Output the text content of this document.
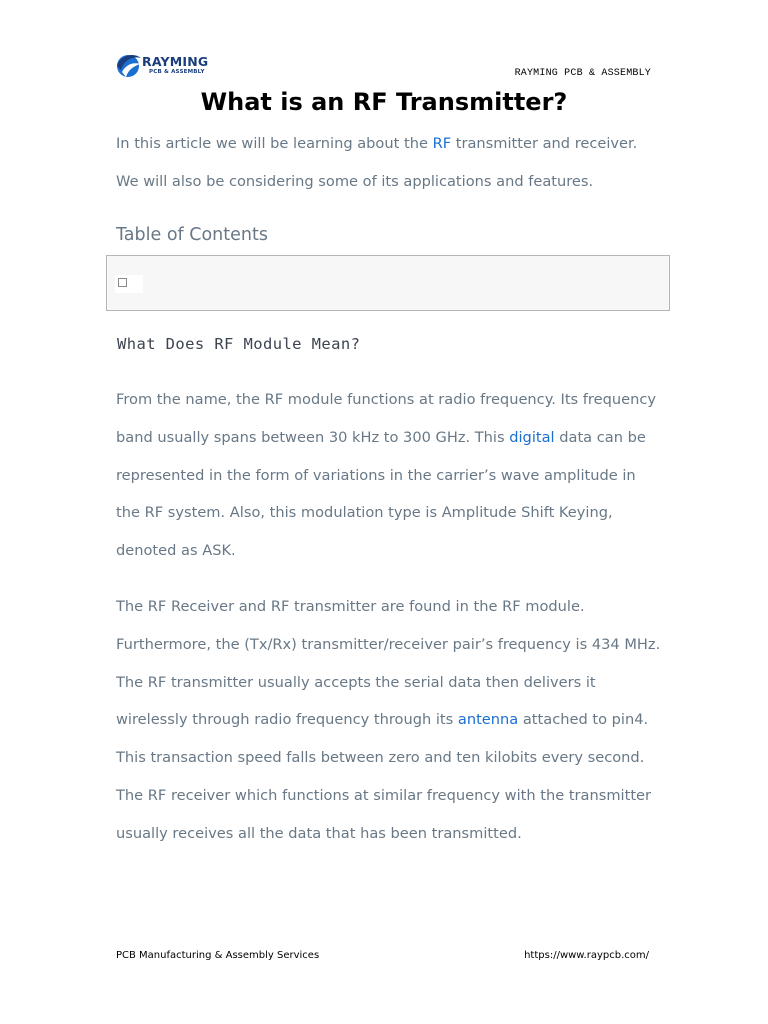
RAYMING
PCB & ASSEMBLY	RAYMING PCB & ASSEMBLY
What is an RF Transmitter?

In this article we will be learning about the RF transmitter and receiver. We will also be considering some of its applications and features.

Table of Contents
What Does RF Module Mean?

From the name, the RF module functions at radio frequency. Its frequency band usually spans between 30 kHz to 300 GHz. This digital data can be represented in the form of variations in the carrier’s wave amplitude in the RF system. Also, this modulation type is Amplitude Shift Keying, denoted as ASK.

The RF Receiver and RF transmitter are found in the RF module. Furthermore, the (Tx/Rx) transmitter/receiver pair’s frequency is 434 MHz. The RF transmitter usually accepts the serial data then delivers it wirelessly through radio frequency through its antenna attached to pin4. This transaction speed falls between zero and ten kilobits every second. The RF receiver which functions at similar frequency with the transmitter usually receives all the data that has been transmitted.

PCB Manufacturing & Assembly Services	https://www.raypcb.com/
